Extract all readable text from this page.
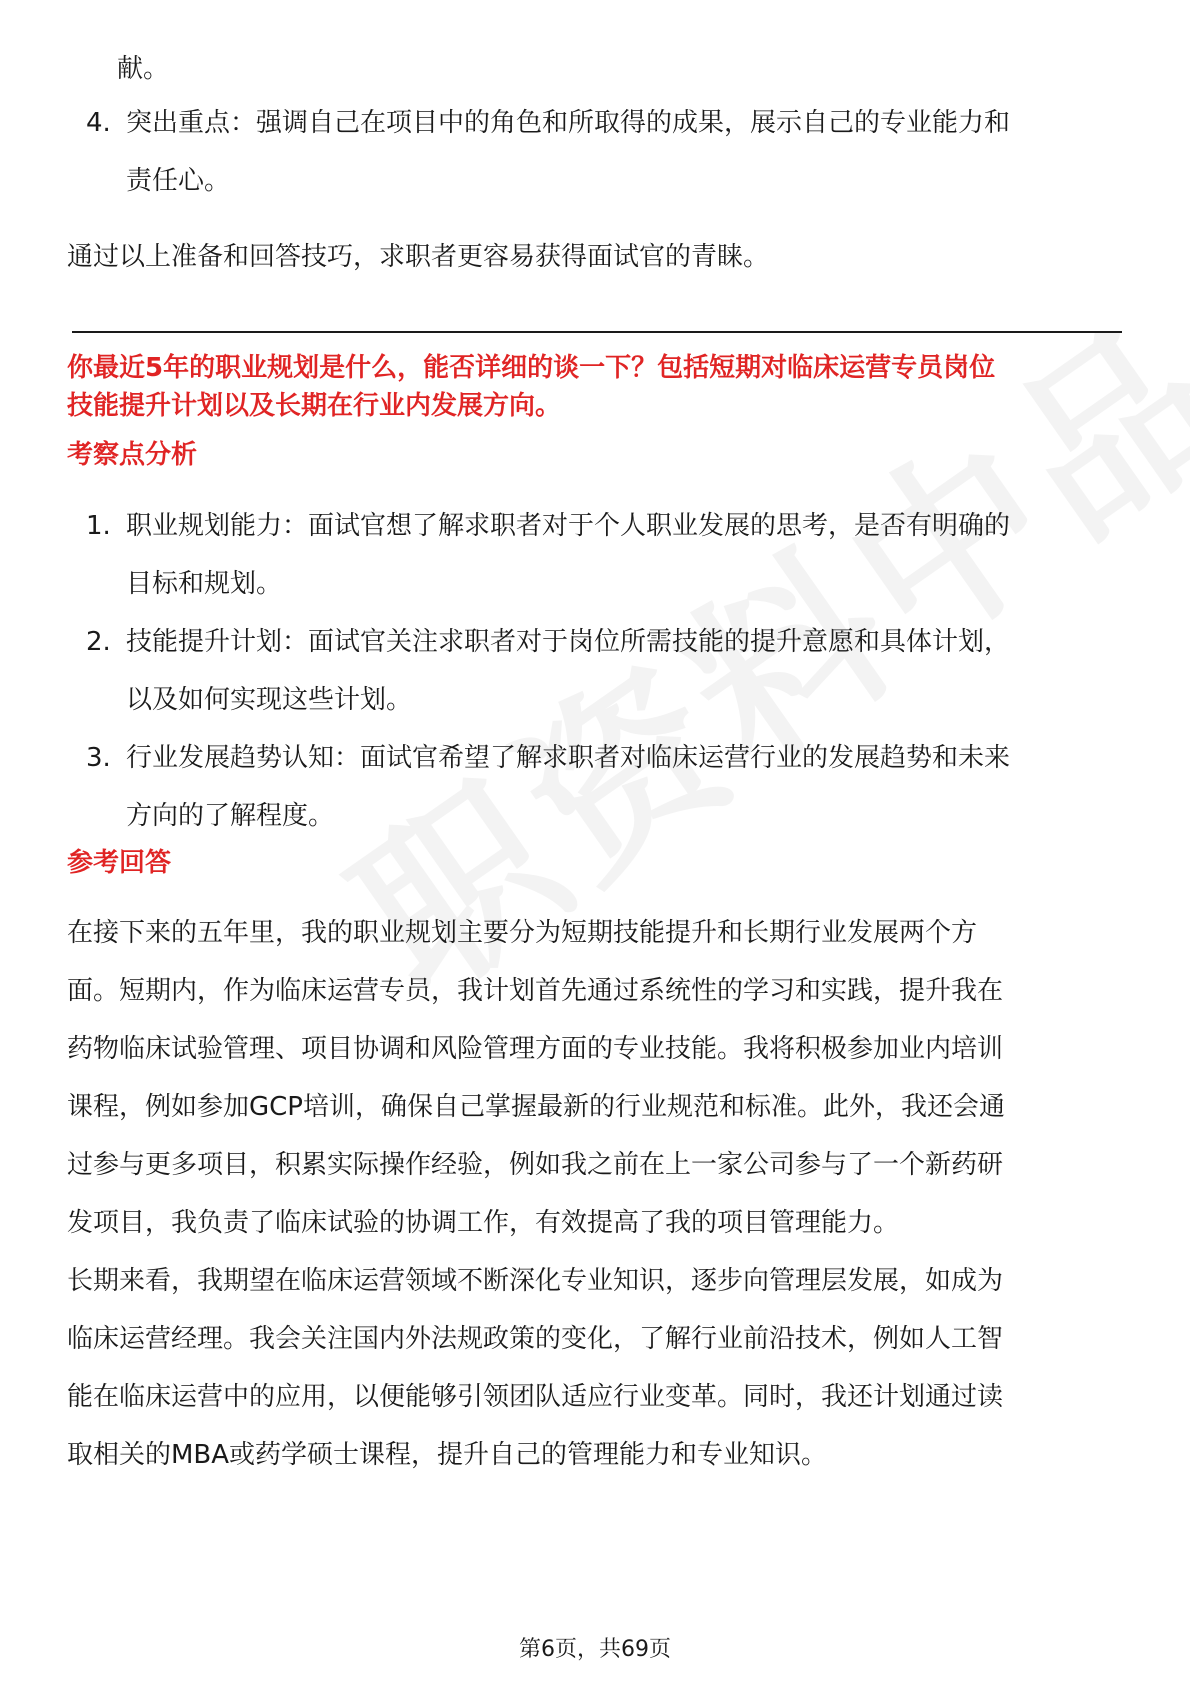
献。
4. 突出重点：强调自己在项目中的角色和所取得的成果，展示自己的专业能力和
责任心。
通过以上准备和回答技巧，求职者更容易获得面试官的青睐。
你最近5年的职业规划是什么，能否详细的谈一下？包括短期对临床运营专员岗位
技能提升计划以及长期在行业内发展方向。
考察点分析
1. 职业规划能力：面试官想了解求职者对于个人职业发展的思考，是否有明确的
目标和规划。
2. 技能提升计划：面试官关注求职者对于岗位所需技能的提升意愿和具体计划，
以及如何实现这些计划。
3. 行业发展趋势认知：面试官希望了解求职者对临床运营行业的发展趋势和未来
方向的了解程度。
参考回答
在接下来的五年里，我的职业规划主要分为短期技能提升和长期行业发展两个方
面。短期内，作为临床运营专员，我计划首先通过系统性的学习和实践，提升我在
药物临床试验管理、项目协调和风险管理方面的专业技能。我将积极参加业内培训
课程，例如参加GCP培训，确保自己掌握最新的行业规范和标准。此外，我还会通
过参与更多项目，积累实际操作经验，例如我之前在上一家公司参与了一个新药研
发项目，我负责了临床试验的协调工作，有效提高了我的项目管理能力。
长期来看，我期望在临床运营领域不断深化专业知识，逐步向管理层发展，如成为
临床运营经理。我会关注国内外法规政策的变化，了解行业前沿技术，例如人工智
能在临床运营中的应用，以便能够引领团队适应行业变革。同时，我还计划通过读
取相关的MBA或药学硕士课程，提升自己的管理能力和专业知识。
第6页，共69页
